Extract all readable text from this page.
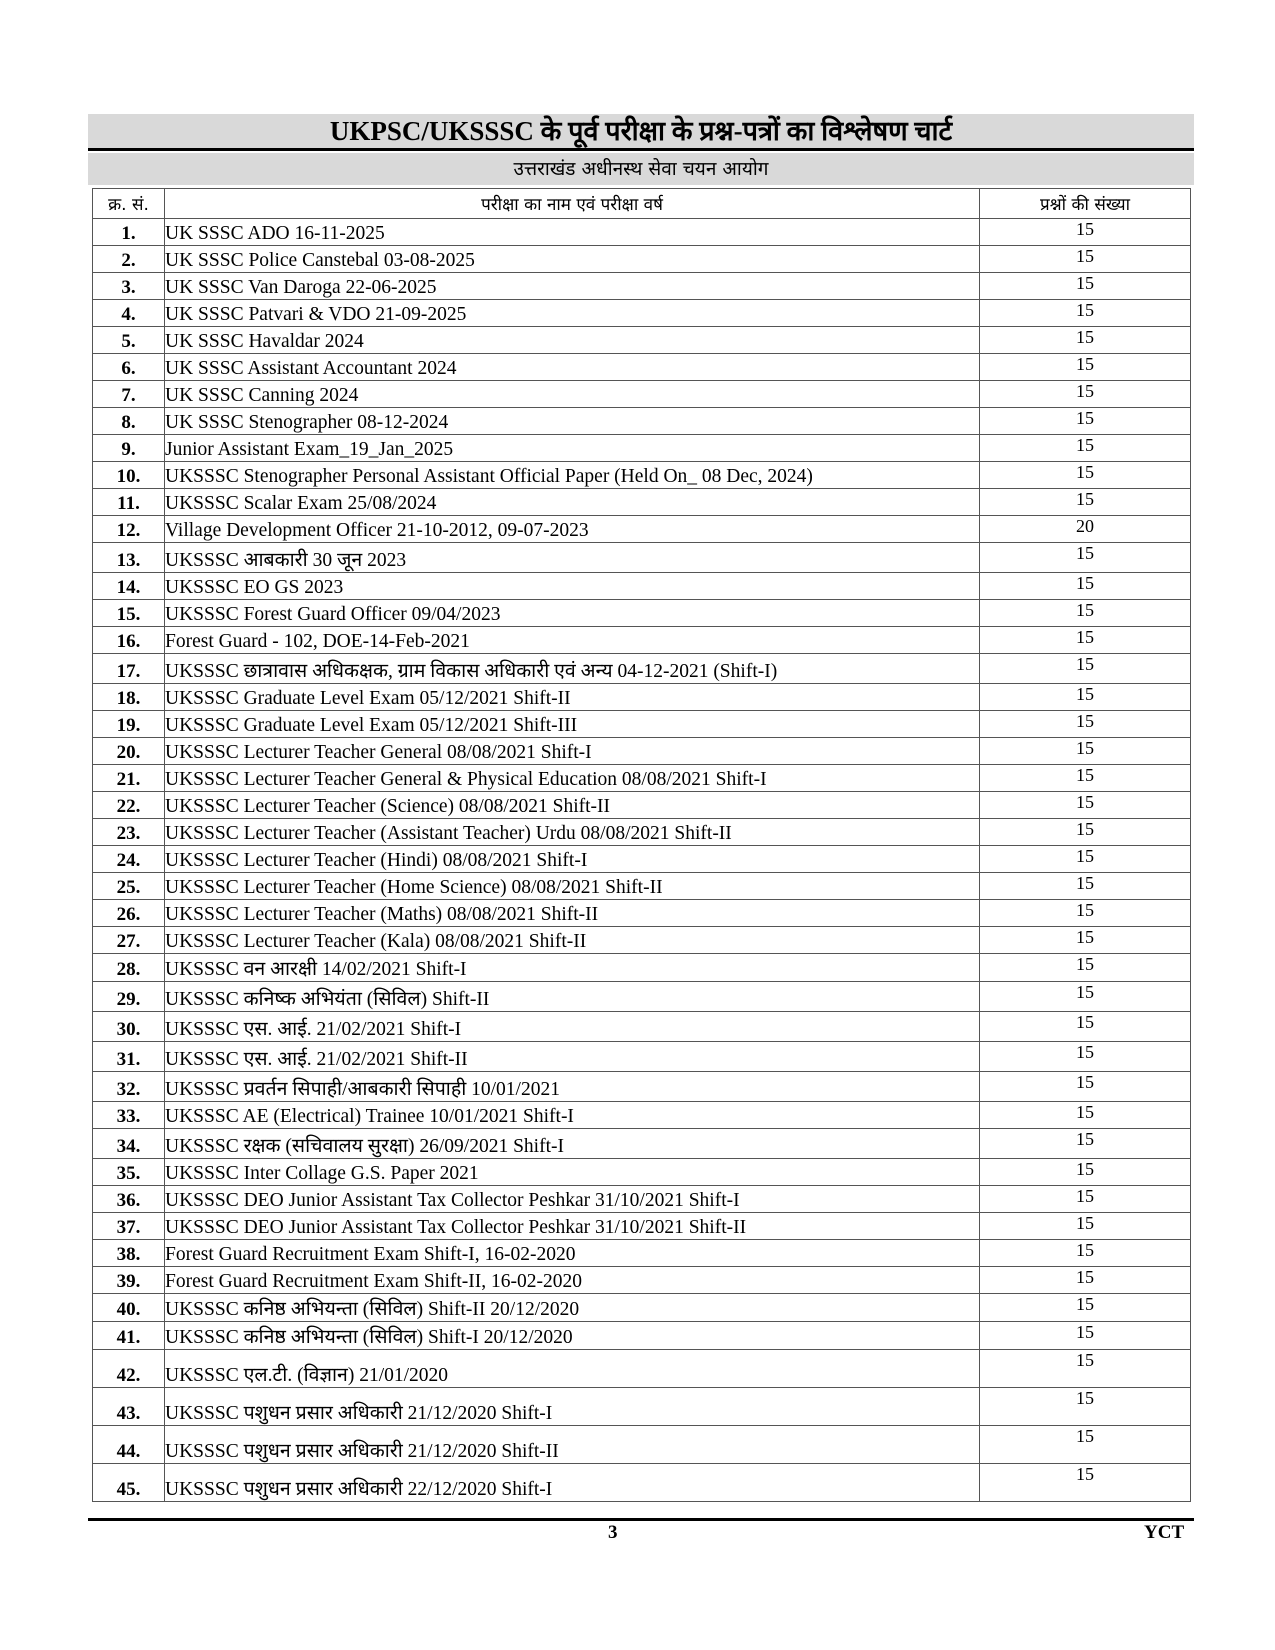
UKPSC/UKSSSC के पूर्व परीक्षा के प्रश्न-पत्रों का विश्लेषण चार्ट
उत्तराखंड अधीनस्थ सेवा चयन आयोग
क्र. सं.	परीक्षा का नाम एवं परीक्षा वर्ष	प्रश्नों की संख्या
1.	UK SSSC ADO 16-11-2025	15
2.	UK SSSC Police Canstebal 03-08-2025	15
3.	UK SSSC Van Daroga 22-06-2025	15
4.	UK SSSC Patvari & VDO 21-09-2025	15
5.	UK SSSC Havaldar 2024	15
6.	UK SSSC Assistant Accountant 2024	15
7.	UK SSSC Canning 2024	15
8.	UK SSSC Stenographer 08-12-2024	15
9.	Junior Assistant Exam_19_Jan_2025	15
10.	UKSSSC Stenographer Personal Assistant Official Paper (Held On_ 08 Dec, 2024)	15
11.	UKSSSC Scalar Exam 25/08/2024	15
12.	Village Development Officer 21-10-2012, 09-07-2023	20
13.	UKSSSC आबकारी 30 जून 2023	15
14.	UKSSSC EO GS 2023	15
15.	UKSSSC Forest Guard Officer 09/04/2023	15
16.	Forest Guard - 102, DOE-14-Feb-2021	15
17.	UKSSSC छात्रावास अधिकक्षक, ग्राम विकास अधिकारी एवं अन्य 04-12-2021 (Shift-I)	15
18.	UKSSSC Graduate Level Exam 05/12/2021 Shift-II	15
19.	UKSSSC Graduate Level Exam 05/12/2021 Shift-III	15
20.	UKSSSC Lecturer Teacher General 08/08/2021 Shift-I	15
21.	UKSSSC Lecturer Teacher General & Physical Education 08/08/2021 Shift-I	15
22.	UKSSSC Lecturer Teacher (Science) 08/08/2021 Shift-II	15
23.	UKSSSC Lecturer Teacher (Assistant Teacher) Urdu 08/08/2021 Shift-II	15
24.	UKSSSC Lecturer Teacher (Hindi) 08/08/2021 Shift-I	15
25.	UKSSSC Lecturer Teacher (Home Science) 08/08/2021 Shift-II	15
26.	UKSSSC Lecturer Teacher (Maths) 08/08/2021 Shift-II	15
27.	UKSSSC Lecturer Teacher (Kala) 08/08/2021 Shift-II	15
28.	UKSSSC वन आरक्षी 14/02/2021 Shift-I	15
29.	UKSSSC कनिष्क अभियंता (सिविल) Shift-II	15
30.	UKSSSC एस. आई. 21/02/2021 Shift-I	15
31.	UKSSSC एस. आई. 21/02/2021 Shift-II	15
32.	UKSSSC प्रवर्तन सिपाही/आबकारी सिपाही 10/01/2021	15
33.	UKSSSC AE (Electrical) Trainee 10/01/2021 Shift-I	15
34.	UKSSSC रक्षक (सचिवालय सुरक्षा) 26/09/2021 Shift-I	15
35.	UKSSSC Inter Collage G.S. Paper 2021	15
36.	UKSSSC DEO Junior Assistant Tax Collector Peshkar 31/10/2021 Shift-I	15
37.	UKSSSC DEO Junior Assistant Tax Collector Peshkar 31/10/2021 Shift-II	15
38.	Forest Guard Recruitment Exam Shift-I, 16-02-2020	15
39.	Forest Guard Recruitment Exam Shift-II, 16-02-2020	15
40.	UKSSSC कनिष्ठ अभियन्ता (सिविल) Shift-II 20/12/2020	15
41.	UKSSSC कनिष्ठ अभियन्ता (सिविल) Shift-I 20/12/2020	15
42.	UKSSSC एल.टी. (विज्ञान) 21/01/2020	15
43.	UKSSSC पशुधन प्रसार अधिकारी 21/12/2020 Shift-I	15
44.	UKSSSC पशुधन प्रसार अधिकारी 21/12/2020 Shift-II	15
45.	UKSSSC पशुधन प्रसार अधिकारी 22/12/2020 Shift-I	15
3	YCT
